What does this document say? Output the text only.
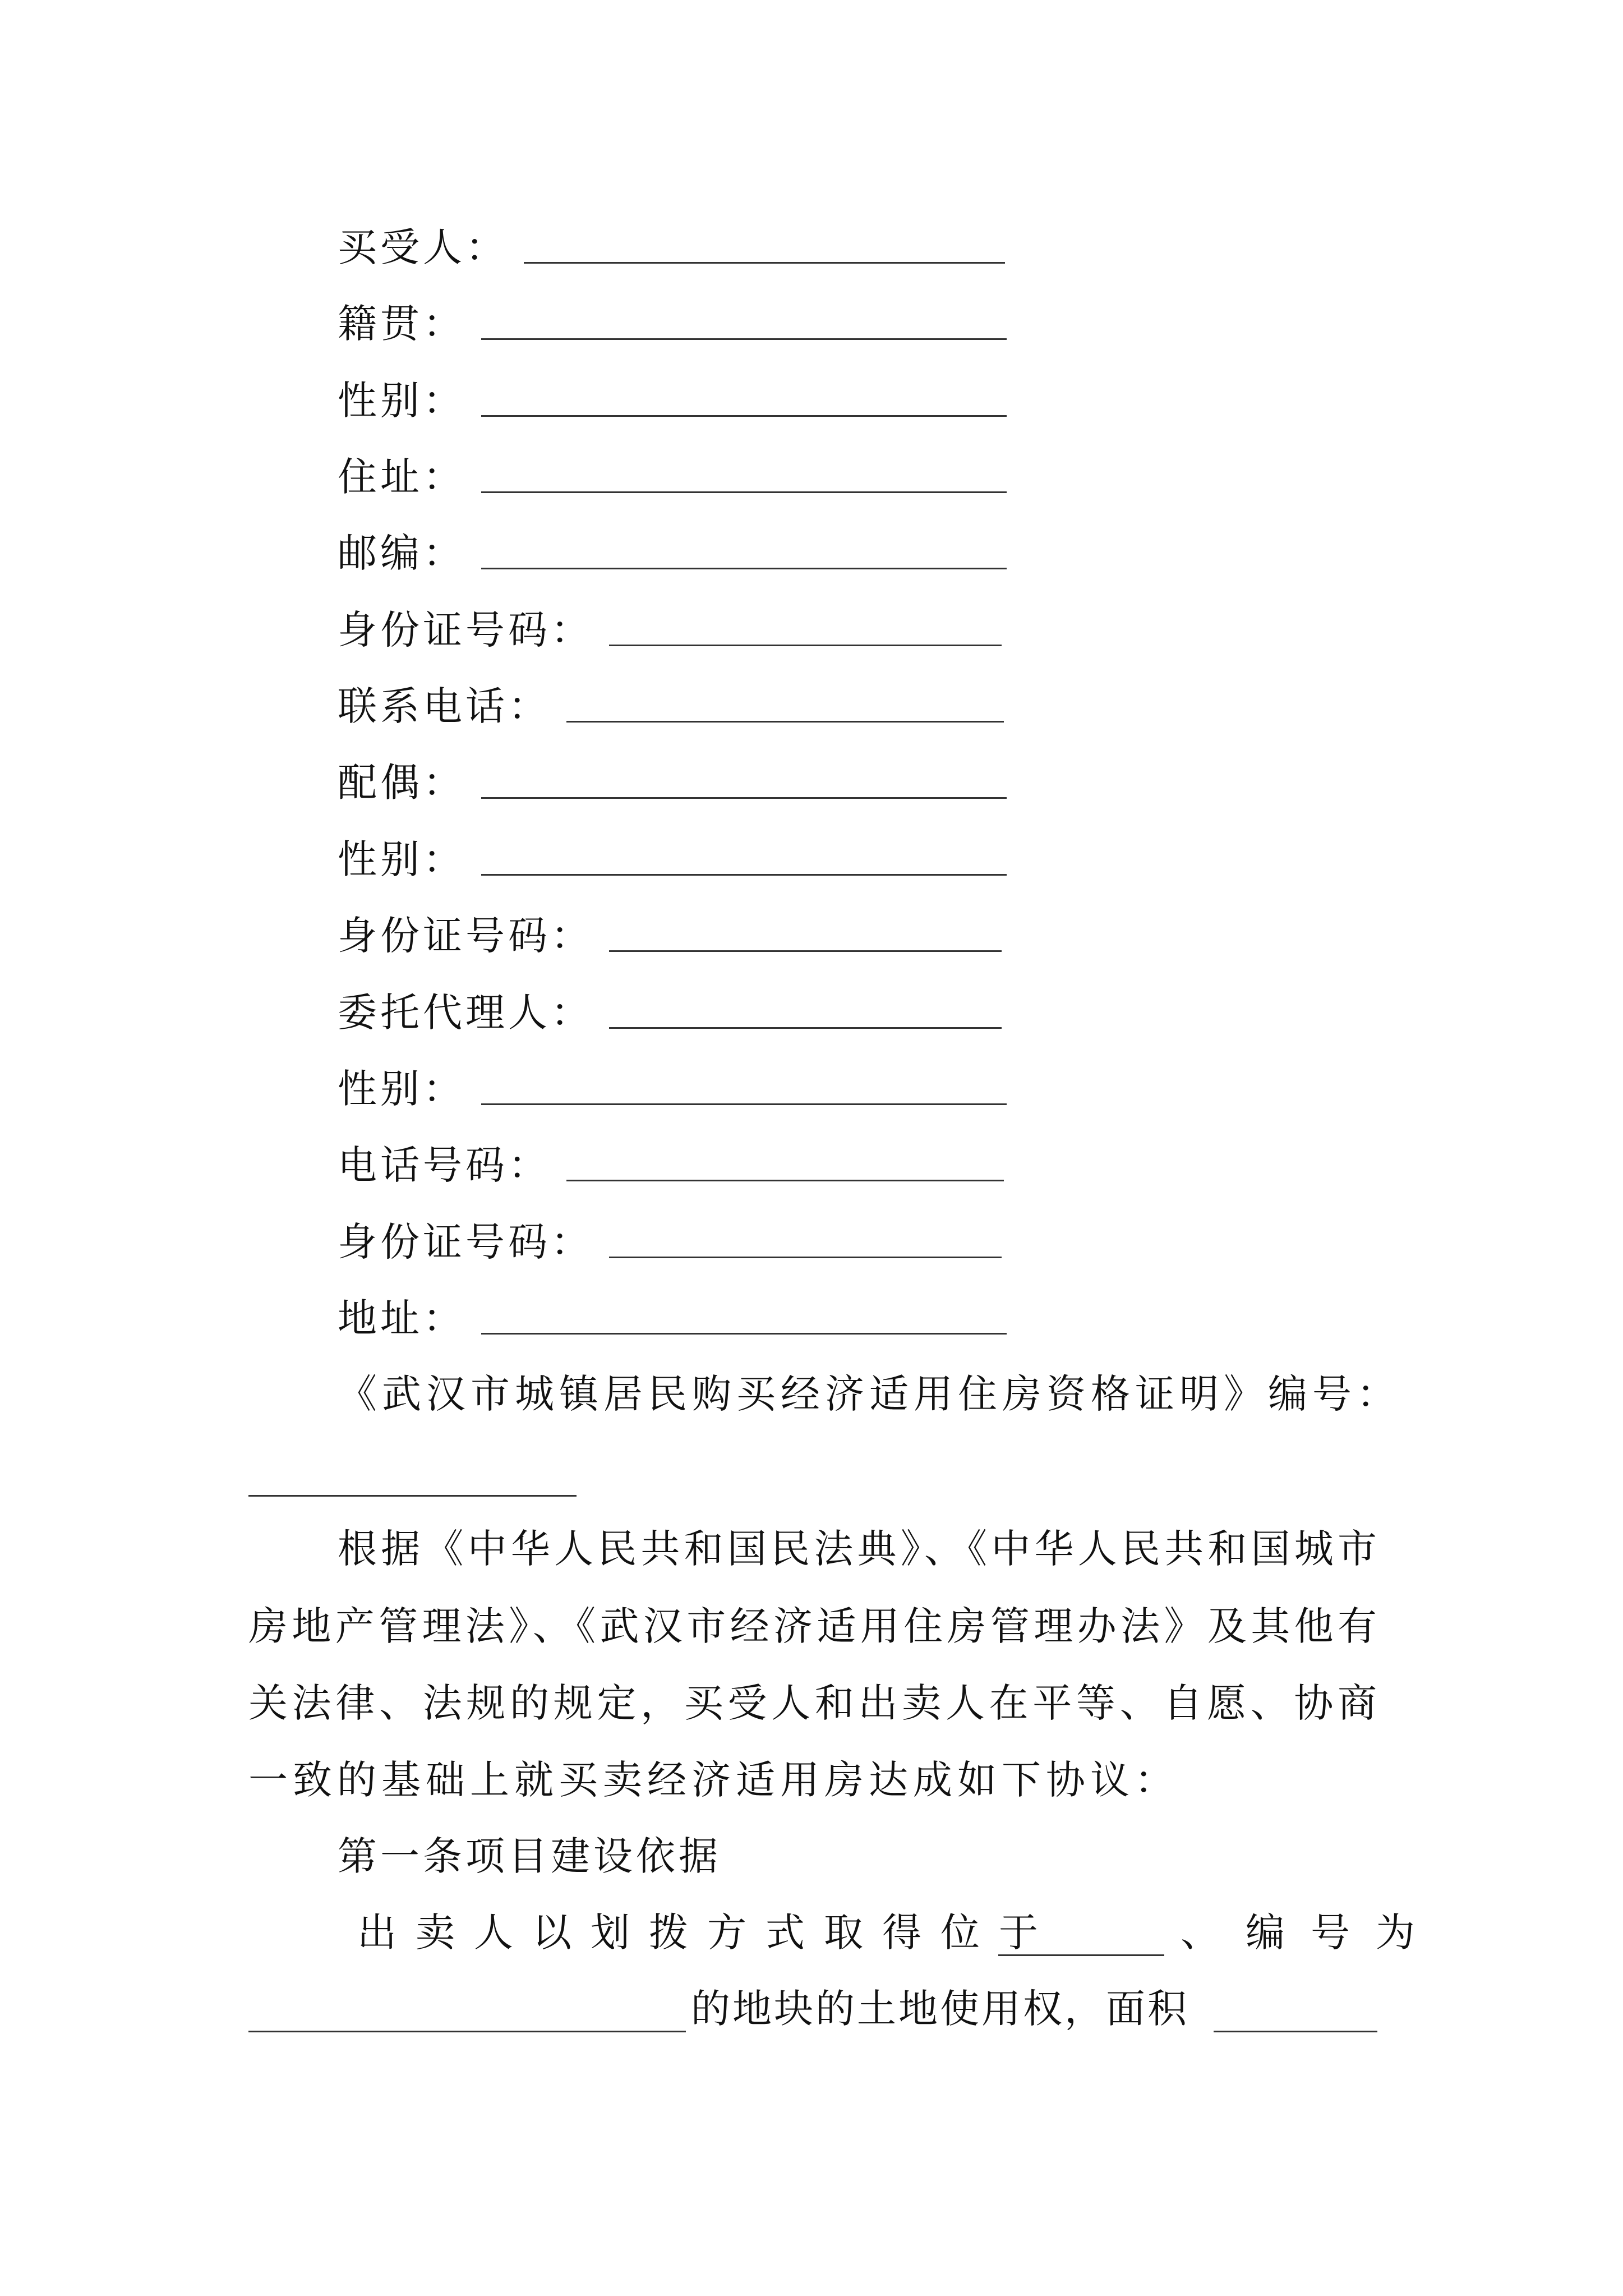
买受人：
籍贯：
性别：
住址：
邮编：
身份证号码：
联系电话：
配偶：
性别：
身份证号码：
委托代理人：
性别：
电话号码：
身份证号码：
地址：
《武汉市城镇居民购买经济适用住房资格证明》编号：
根据《中华人民共和国民法典》、《中华人民共和国城市
房地产管理法》、《武汉市经济适用住房管理办法》及其他有
关法律、法规的规定，买受人和出卖人在平等、自愿、协商
一致的基础上就买卖经济适用房达成如下协议：
第一条项目建设依据
出卖人以划拨方式取得位于	、编号为
的地块的土地使用权，面积
